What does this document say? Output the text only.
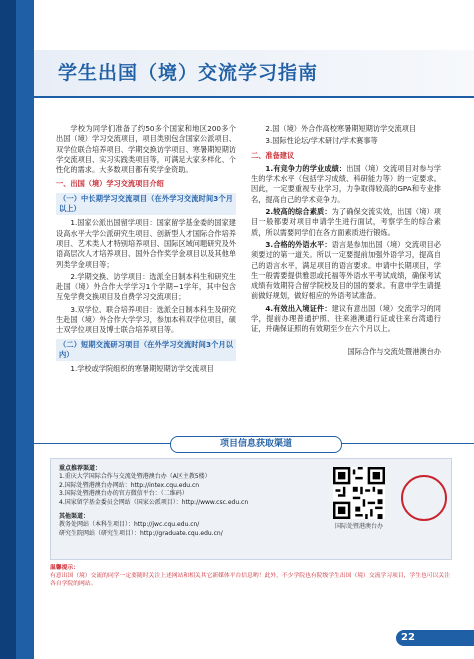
学生出国（境）交流学习指南

学校为同学们准备了约50多个国家和地区200多个出国（境）学习交流项目，项目类别包含国家公派项目、双学位联合培养项目、学期交换访学项目、寒暑期短期访学交流项目、实习实践类项目等，可满足大家多样化、个性化的需求。大多数项目都有奖学金资助。

一、出国（境）学习交流项目介绍

（一）中长期学习交流项目（在外学习交流时间3个月以上）

1.国家公派出国留学项目：国家留学基金委的国家建设高水平大学公派研究生项目、创新型人才国际合作培养项目、艺术类人才特别培养项目、国际区域问题研究及外语高层次人才培养项目、国外合作奖学金项目以及其他单列类学金项目等；

2.学期交换、访学项目：选派全日制本科生和研究生赴国（境）外合作大学学习1个学期~1学年，其中包含互免学费交换项目及自费学习交流项目；

3.双学位、联合培养项目：选派全日制本科生及研究生赴国（境）外合作大学学习，参加本科双学位项目，硕士双学位项目及博士联合培养项目等。

（二）短期交流研习项目（在外学习交流时间3个月以内）

1.学校或学院组织的寒暑期短期访学交流项目

2.国（境）外合作高校寒暑期短期访学交流项目

3.国际性论坛/学术研讨/学术赛事等

二、准备建议

1.有竞争力的学业成绩：出国（境）交流项目对参与学生的学术水平（包括学习成绩、科研能力等）的一定要求。因此，一定要重视专业学习，力争取得较高的GPA和专业排名，提高自己的学术竞争力。

2.较高的综合素质：为了确保交流实效，出国（境）项目一般都要对项目申请学生进行面试，考察学生的综合素质，所以需要同学们在各方面素质进行锻炼。

3.合格的外语水平：语言是参加出国（境）交流项目必须要过的第一道关。所以一定要提前加强外语学习，提高自己的语言水平，满足项目的语言要求。申请中长期项目，学生一般需要提供雅思或托福等外语水平考试成绩，确保考试成绩有效期符合留学院校及目的国的要求。有意申学生请提前做好规划，做好相应的外语考试准备。

4.有效出入境证件：建议有意出国（境）交流学习的同学，提前办理普通护照、往来港澳通行证或往来台湾通行证，并确保证照的有效期至少在六个月以上。

国际合作与交流处暨港澳台办

项目信息获取渠道

重点推荐渠道：

1.重庆大学国际合作与交流处暨港澳台办（A区主教5楼）

2.国际处暨港澳台办网站：http://intex.cqu.edu.cn

3.国际处暨港澳台办的官方微信平台：（二维码）

4.国家留学基金委员会网站（国家公派项目）：http://www.csc.edu.cn

其他渠道：

教务处网站（本科生项目）：http://jwc.cqu.edu.cn/

研究生院网站（研究生项目）：http://graduate.cqu.edu.cn/

国际处暨港澳台办

温馨提示：

有意出国（境）交流的同学一定要随时关注上述网站和相关其它新媒体平台信息哟！此外，不少学院也有院级学生出国（境）交流学习项目，学生也可以关注各自学院的网站。

22
